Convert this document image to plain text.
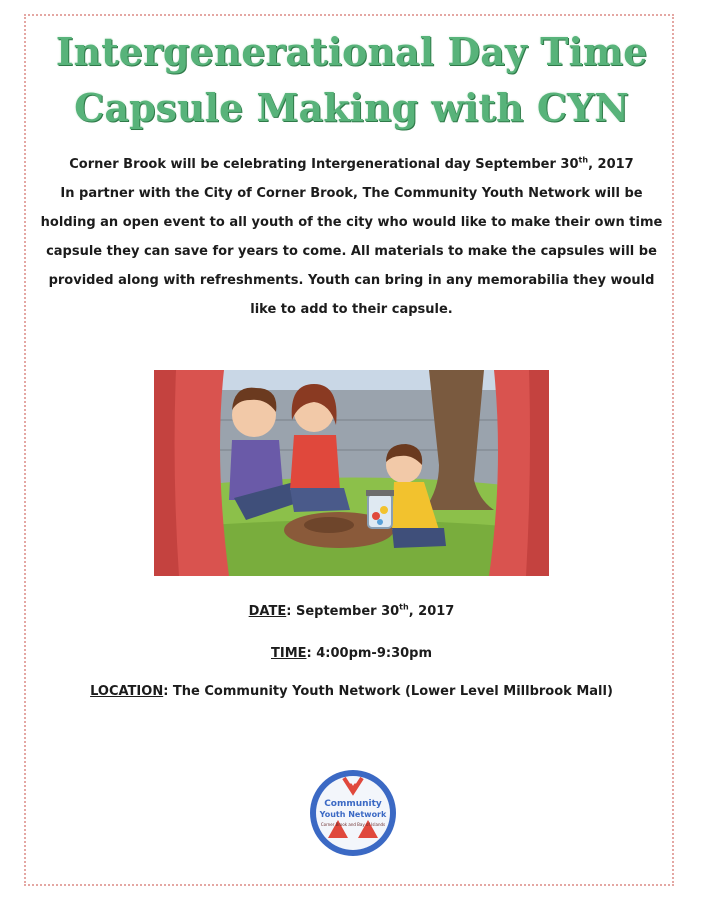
Intergenerational Day Time
Capsule Making with CYN
Corner Brook will be celebrating Intergenerational day September 30th, 2017
In partner with the City of Corner Brook, The Community Youth Network will be holding an open event to all youth of the city who would like to make their own time capsule they can save for years to come. All materials to make the capsules will be provided along with refreshments. Youth can bring in any memorabilia they would like to add to their capsule.
DATE: September 30th, 2017
TIME: 4:00pm-9:30pm
LOCATION: The Community Youth Network (Lower Level Millbrook Mall)
Y
Community
Youth Network
Corner Brook and Bay of Islands
